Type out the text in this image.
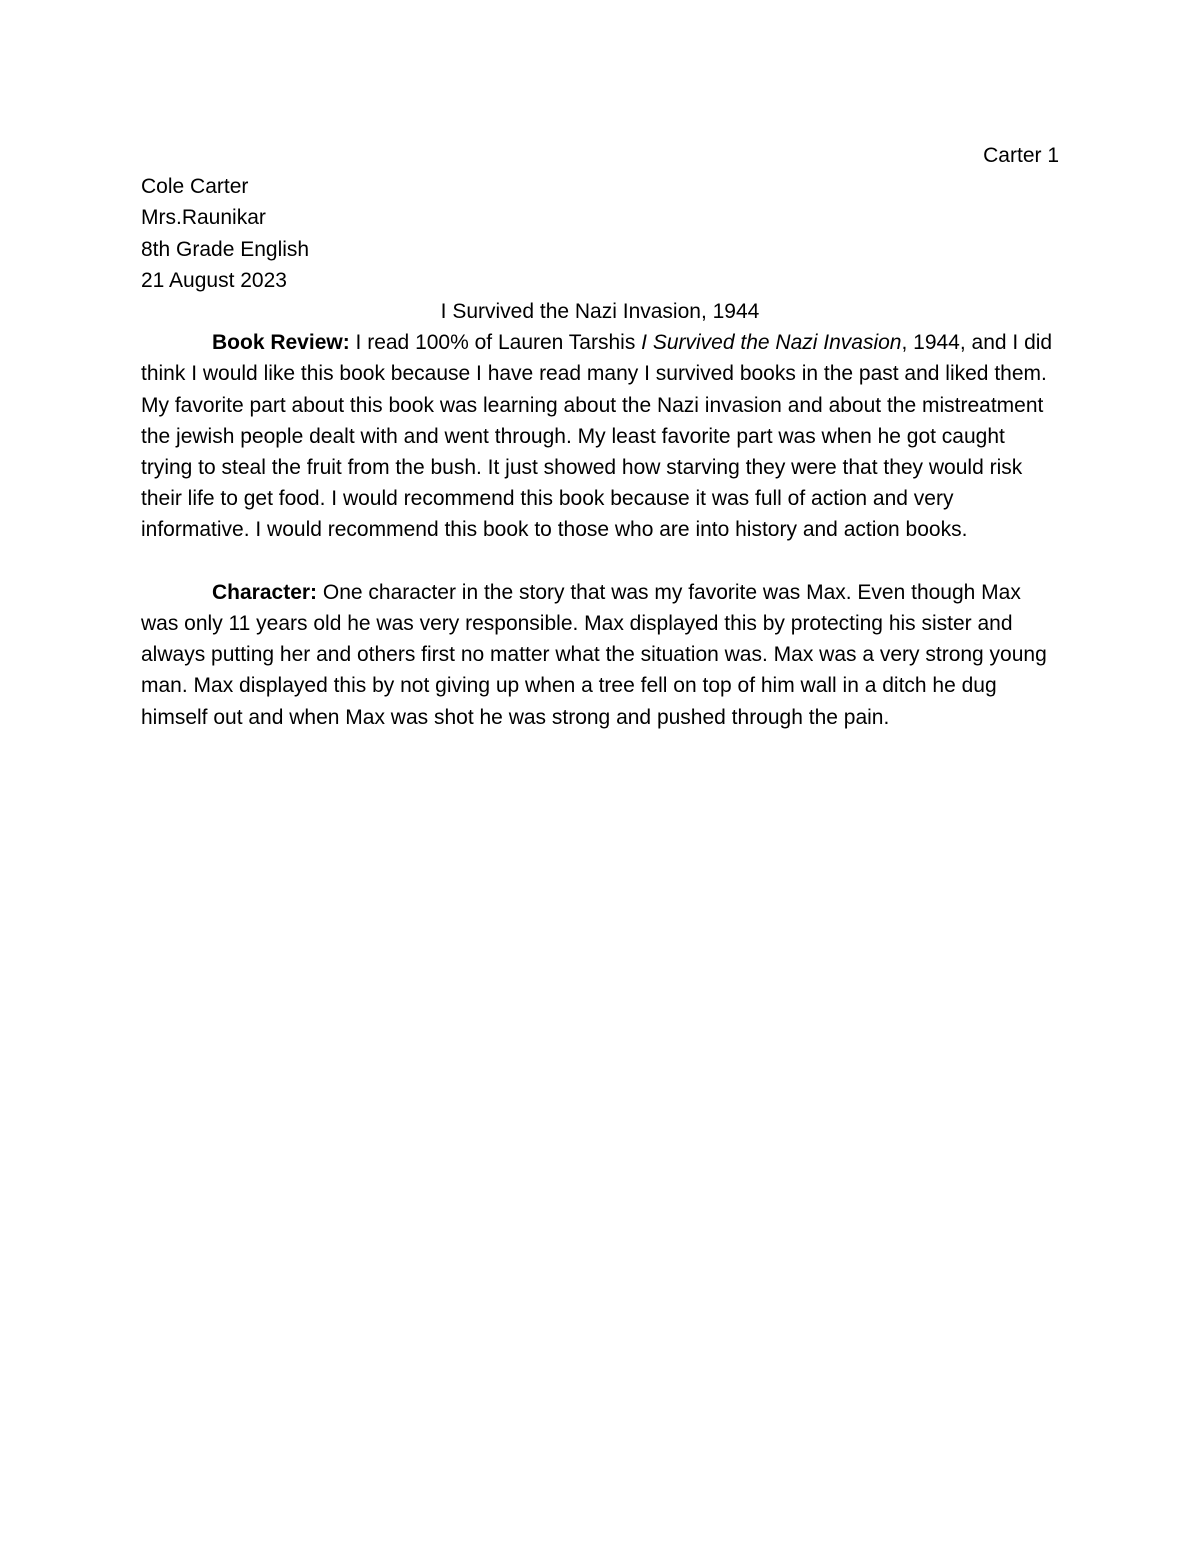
Carter 1

Cole Carter

Mrs.Raunikar

8th Grade English

21 August 2023

I Survived the Nazi Invasion, 1944

Book Review: I read 100% of Lauren Tarshis I Survived the Nazi Invasion, 1944, and I did think I would like this book because I have read many I survived books in the past and liked them. My favorite part about this book was learning about the Nazi invasion and about the mistreatment the jewish people dealt with and went through. My least favorite part was when he got caught trying to steal the fruit from the bush. It just showed how starving they were that they would risk their life to get food. I would recommend this book because it was full of action and very informative. I would recommend this book to those who are into history and action books.

Character: One character in the story that was my favorite was Max. Even though Max was only 11 years old he was very responsible. Max displayed this by protecting his sister and always putting her and others first no matter what the situation was. Max was a very strong young man. Max displayed this by not giving up when a tree fell on top of him wall in a ditch he dug himself out and when Max was shot he was strong and pushed through the pain.
